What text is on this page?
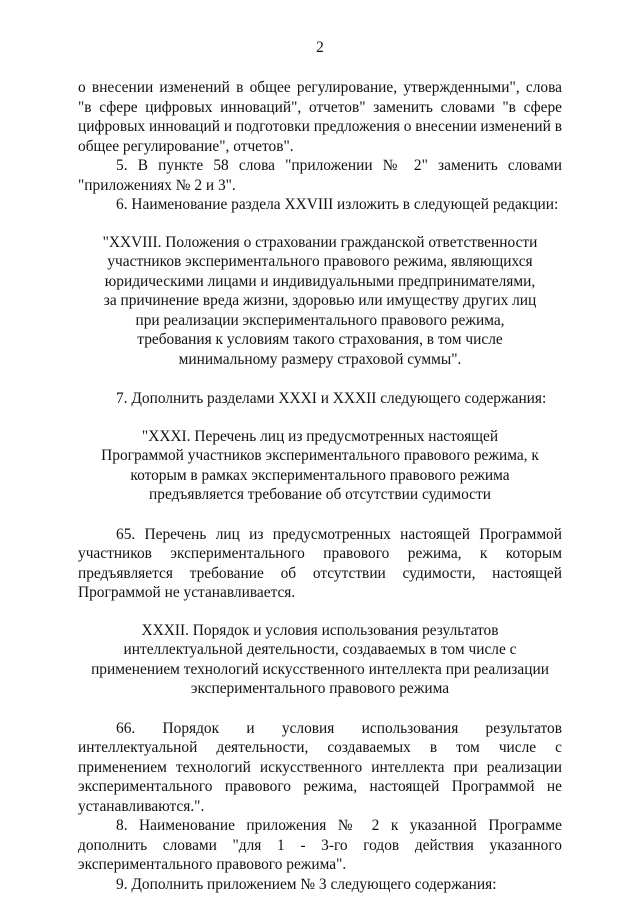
2

о внесении изменений в общее регулирование, утвержденными", слова "в сфере цифровых инноваций", отчетов" заменить словами "в сфере цифровых инноваций и подготовки предложения о внесении изменений в общее регулирование", отчетов".

5. В пункте 58 слова "приложении № 2" заменить словами "приложениях № 2 и 3".

6. Наименование раздела XXVIII изложить в следующей редакции:

"XXVIII. Положения о страховании гражданской ответственности участников экспериментального правового режима, являющихся юридическими лицами и индивидуальными предпринимателями, за причинение вреда жизни, здоровью или имуществу других лиц при реализации экспериментального правового режима, требования к условиям такого страхования, в том числе минимальному размеру страховой суммы".

7. Дополнить разделами XXXI и XXXII следующего содержания:

"XXXI. Перечень лиц из предусмотренных настоящей Программой участников экспериментального правового режима, к которым в рамках экспериментального правового режима предъявляется требование об отсутствии судимости

65. Перечень лиц из предусмотренных настоящей Программой участников экспериментального правового режима, к которым предъявляется требование об отсутствии судимости, настоящей Программой не устанавливается.

XXXII. Порядок и условия использования результатов интеллектуальной деятельности, создаваемых в том числе с применением технологий искусственного интеллекта при реализации экспериментального правового режима

66. Порядок и условия использования результатов интеллектуальной деятельности, создаваемых в том числе с применением технологий искусственного интеллекта при реализации экспериментального правового режима, настоящей Программой не устанавливаются.".

8. Наименование приложения № 2 к указанной Программе дополнить словами "для 1 - 3-го годов действия указанного экспериментального правового режима".

9. Дополнить приложением № 3 следующего содержания:
